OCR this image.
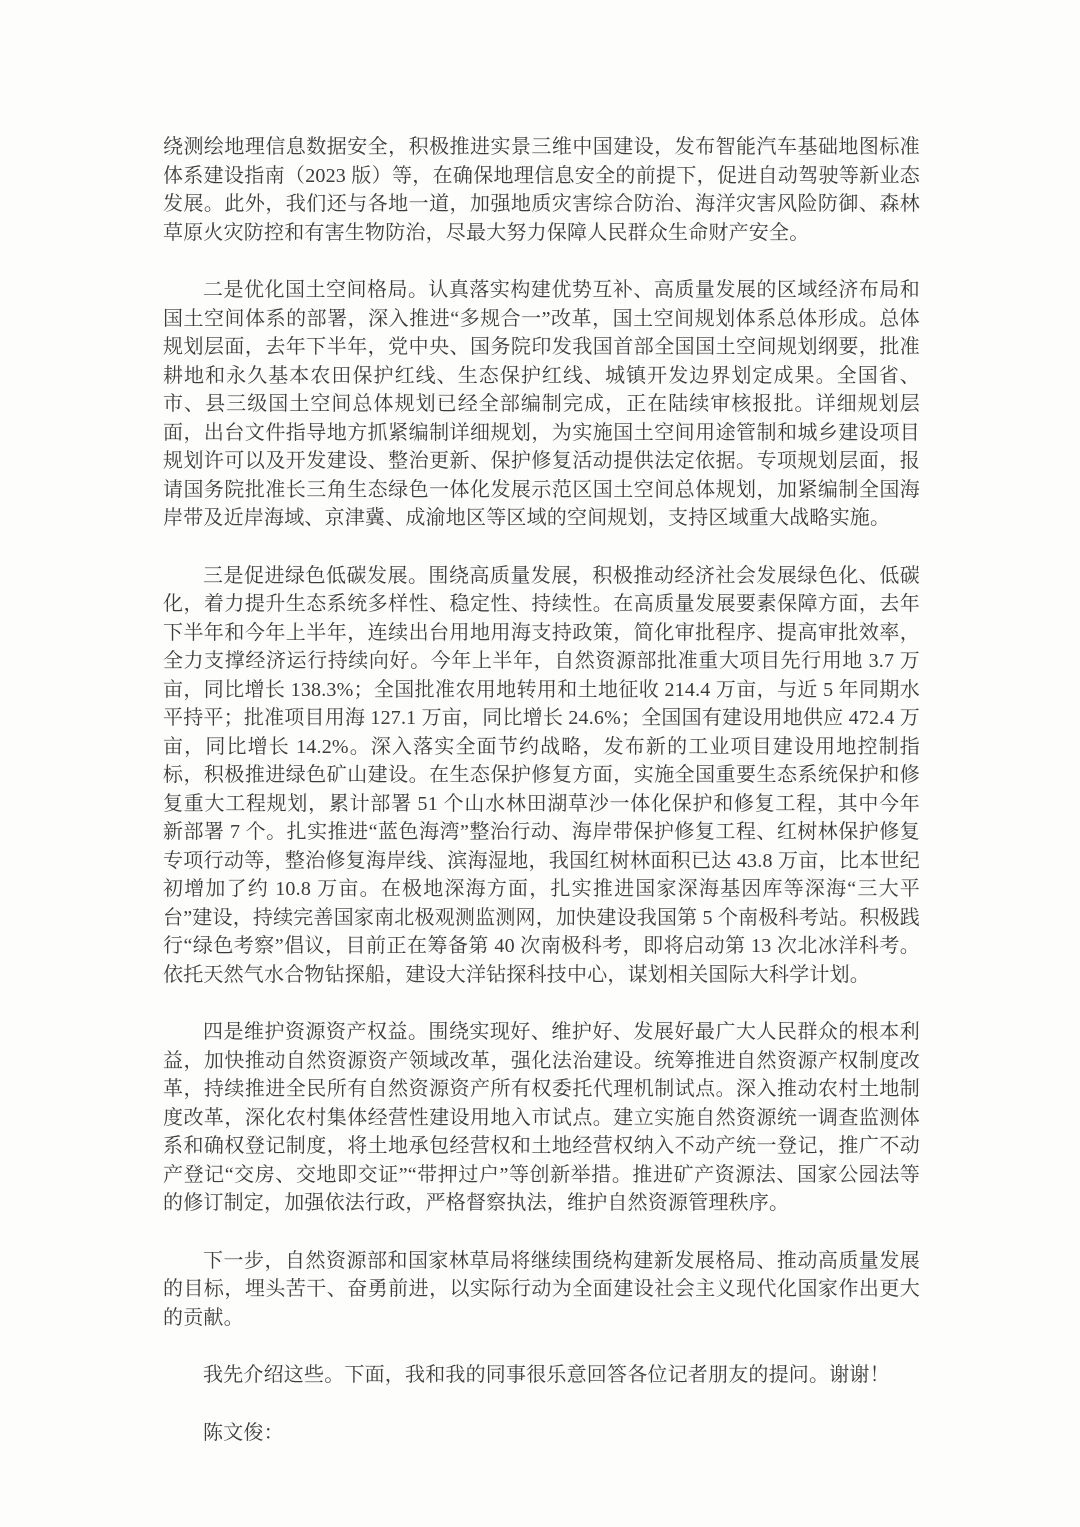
绕测绘地理信息数据安全，积极推进实景三维中国建设，发布智能汽车基础地图标准体系建设指南（2023 版）等，在确保地理信息安全的前提下，促进自动驾驶等新业态发展。此外，我们还与各地一道，加强地质灾害综合防治、海洋灾害风险防御、森林草原火灾防控和有害生物防治，尽最大努力保障人民群众生命财产安全。

二是优化国土空间格局。认真落实构建优势互补、高质量发展的区域经济布局和国土空间体系的部署，深入推进“多规合一”改革，国土空间规划体系总体形成。总体规划层面，去年下半年，党中央、国务院印发我国首部全国国土空间规划纲要，批准耕地和永久基本农田保护红线、生态保护红线、城镇开发边界划定成果。全国省、市、县三级国土空间总体规划已经全部编制完成，正在陆续审核报批。详细规划层面，出台文件指导地方抓紧编制详细规划，为实施国土空间用途管制和城乡建设项目规划许可以及开发建设、整治更新、保护修复活动提供法定依据。专项规划层面，报请国务院批准长三角生态绿色一体化发展示范区国土空间总体规划，加紧编制全国海岸带及近岸海域、京津冀、成渝地区等区域的空间规划，支持区域重大战略实施。

三是促进绿色低碳发展。围绕高质量发展，积极推动经济社会发展绿色化、低碳化，着力提升生态系统多样性、稳定性、持续性。在高质量发展要素保障方面，去年下半年和今年上半年，连续出台用地用海支持政策，简化审批程序、提高审批效率，全力支撑经济运行持续向好。今年上半年，自然资源部批准重大项目先行用地 3.7 万亩，同比增长 138.3%；全国批准农用地转用和土地征收 214.4 万亩，与近 5 年同期水平持平；批准项目用海 127.1 万亩，同比增长 24.6%；全国国有建设用地供应 472.4 万亩，同比增长 14.2%。深入落实全面节约战略，发布新的工业项目建设用地控制指标，积极推进绿色矿山建设。在生态保护修复方面，实施全国重要生态系统保护和修复重大工程规划，累计部署 51 个山水林田湖草沙一体化保护和修复工程，其中今年新部署 7 个。扎实推进“蓝色海湾”整治行动、海岸带保护修复工程、红树林保护修复专项行动等，整治修复海岸线、滨海湿地，我国红树林面积已达 43.8 万亩，比本世纪初增加了约 10.8 万亩。在极地深海方面，扎实推进国家深海基因库等深海“三大平台”建设，持续完善国家南北极观测监测网，加快建设我国第 5 个南极科考站。积极践行“绿色考察”倡议，目前正在筹备第 40 次南极科考，即将启动第 13 次北冰洋科考。依托天然气水合物钻探船，建设大洋钻探科技中心，谋划相关国际大科学计划。

四是维护资源资产权益。围绕实现好、维护好、发展好最广大人民群众的根本利益，加快推动自然资源资产领域改革，强化法治建设。统筹推进自然资源产权制度改革，持续推进全民所有自然资源资产所有权委托代理机制试点。深入推动农村土地制度改革，深化农村集体经营性建设用地入市试点。建立实施自然资源统一调查监测体系和确权登记制度，将土地承包经营权和土地经营权纳入不动产统一登记，推广不动产登记“交房、交地即交证”“带押过户”等创新举措。推进矿产资源法、国家公园法等的修订制定，加强依法行政，严格督察执法，维护自然资源管理秩序。

下一步，自然资源部和国家林草局将继续围绕构建新发展格局、推动高质量发展的目标，埋头苦干、奋勇前进，以实际行动为全面建设社会主义现代化国家作出更大的贡献。

我先介绍这些。下面，我和我的同事很乐意回答各位记者朋友的提问。谢谢！

陈文俊：
